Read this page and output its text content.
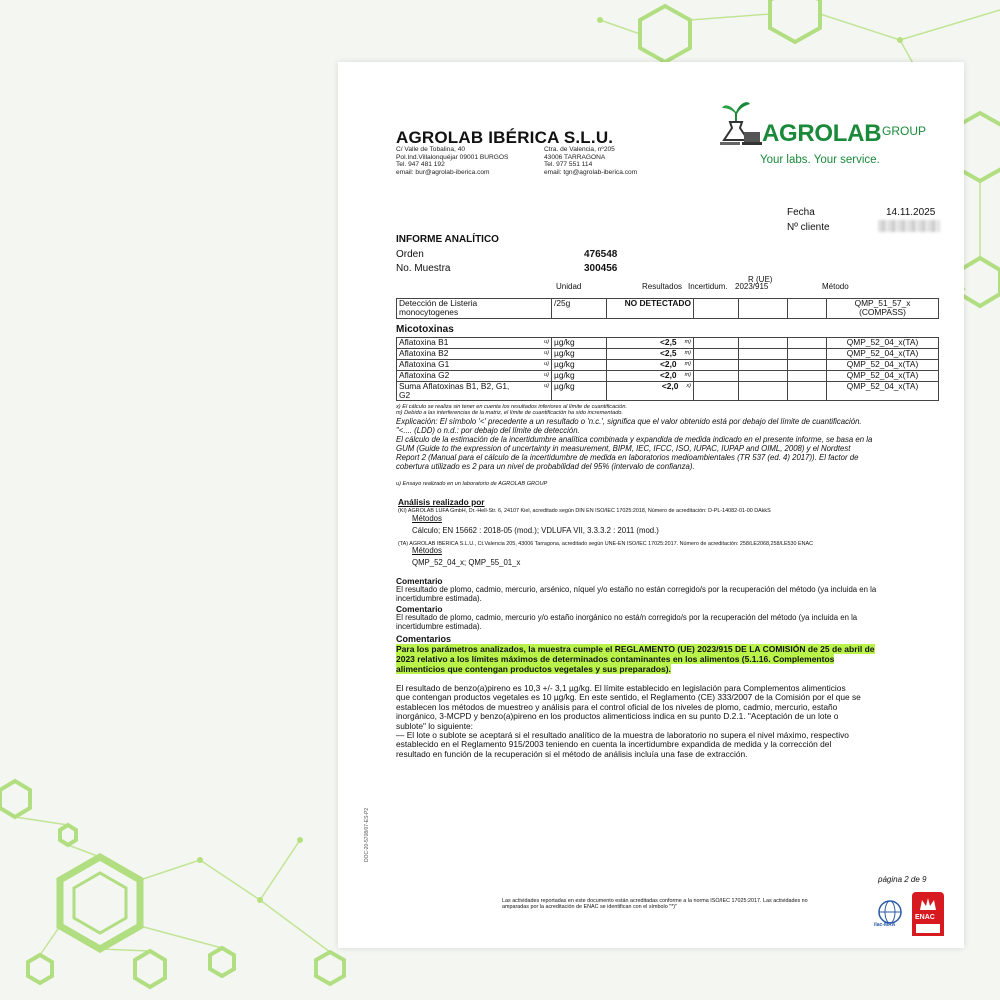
AGROLAB IBÉRICA S.L.U.
C/ Valle de Tobalina, 40
Pol.Ind.Villalonquéjar 09001 BURGOS
Tel. 947 481 192
email: bur@agrolab-iberica.com
Ctra. de Valencia, nº205
43006 TARRAGONA
Tel. 977 551 114
email: tgn@agrolab-iberica.com
AGROLAB GROUP
Your labs. Your service.
Fecha	14.11.2025
Nº cliente
INFORME ANALÍTICO
Orden	476548
No. Muestra	300456
Unidad	Resultados Incertidum.
R (UE)
2023/915	Método
Detección de Listeria
monocytogenes
	/25g	NO DETECTADO				QMP_51_57_x
(COMPASS)
Micotoxinas
Aflatoxina B1 u)	µg/kg	<2,5 $^{m)}$				QMP_52_04_x(TA)

Aflatoxina B2 u)	µg/kg	<2,5 $^{m)}$				QMP_52_04_x(TA)

Aflatoxina G1 u)	µg/kg	<2,0 $^{m)}$				QMP_52_04_x(TA)

Aflatoxina G2 u)	µg/kg	<2,0 $^{m)}$				QMP_52_04_x(TA)

Suma Aflatoxinas B1, B2, G1,
G2
u)	µg/kg	<2,0 $^{x)}$				QMP_52_04_x(TA)
x) El cálculo se realiza sin tener en cuenta los resultados inferiores al límite de cuantificación.
m) Debido a las interferencias de la matriz, el límite de cuantificación ha sido incrementado.
Explicación: El símbolo '<' precedente a un resultado o 'n.c.', significa que el valor obtenido está por debajo del límite de cuantificación.
"<.... (LDD) o n.d.: por debajo del límite de detección.
El cálculo de la estimación de la incertidumbre analítica combinada y expandida de medida indicado en el presente informe, se basa en la
GUM (Guide to the expression of uncertainty in measurement, BIPM, IEC, IFCC, ISO, IUPAC, IUPAP and OIML, 2008) y el Nordtest
Report 2 (Manual para el cálculo de la incertidumbre de medida en laboratorios medioambientales (TR 537 (ed. 4) 2017)). El factor de
cobertura utilizado es 2 para un nivel de probabilidad del 95% (intervalo de confianza).
u) Ensayo realizado en un laboratorio de AGROLAB GROUP
Análisis realizado por
(KI) AGROLAB LUFA GmbH, Dr.-Hell-Str. 6, 24107 Kiel, acreditado según DIN EN ISO/IEC 17025:2018, Número de acreditación: D-PL-14082-01-00 DAkkS
Métodos
Cálculo; EN 15662 : 2018-05 (mod.); VDLUFA VII, 3.3.3.2 : 2011 (mod.)
(TA) AGROLAB IBERICA S.L.U., Ct.Valencia 205, 43006 Tarragona, acreditado según UNE-EN ISO/IEC 17025:2017. Número de acreditación: 258/LE2068,258/LE530 ENAC
Métodos
QMP_52_04_x; QMP_55_01_x
Comentario
El resultado de plomo, cadmio, mercurio, arsénico, níquel y/o estaño no están corregido/s por la recuperación del método (ya incluida en la
incertidumbre estimada).
Comentario
El resultado de plomo, cadmio, mercurio y/o estaño inorgánico no está/n corregido/s por la recuperación del método (ya incluida en la
incertidumbre estimada).
Comentarios
Para los parámetros analizados, la muestra cumple el REGLAMENTO (UE) 2023/915 DE LA COMISIÓN de 25 de abril de
2023 relativo a los límites máximos de determinados contaminantes en los alimentos (5.1.16. Complementos
alimenticios que contengan productos vegetales y sus preparados).
El resultado de benzo(a)pireno es 10,3 +/- 3,1 µg/kg. El límite establecido en legislación para Complementos alimenticios
que contengan productos vegetales es 10 µg/kg. En este sentido, el Reglamento (CE) 333/2007 de la Comisión por el que se
establecen los métodos de muestreo y análisis para el control oficial de los niveles de plomo, cadmio, mercurio, estaño
inorgánico, 3-MCPD y benzo(a)pireno en los productos alimenticioss indica en su punto D.2.1. "Aceptación de un lote o
sublote" lo siguiente:
— El lote o sublote se aceptará si el resultado analítico de la muestra de laboratorio no supera el nivel máximo, respectivo
establecido en el Reglamento 915/2003 teniendo en cuenta la incertidumbre expandida de medida y la corrección del
resultado en función de la recuperación si el método de análisis incluía una fase de extracción.
DOC-20-5708/07-ES-P2
página 2 de 9
Las actividades reportadas en este documento están acreditadas conforme a la norma ISO/IEC 17025:2017. Las actividades no
amparadas por la acreditación de ENAC se identifican con el símbolo "*)"
ilac-MRA
ENAC
